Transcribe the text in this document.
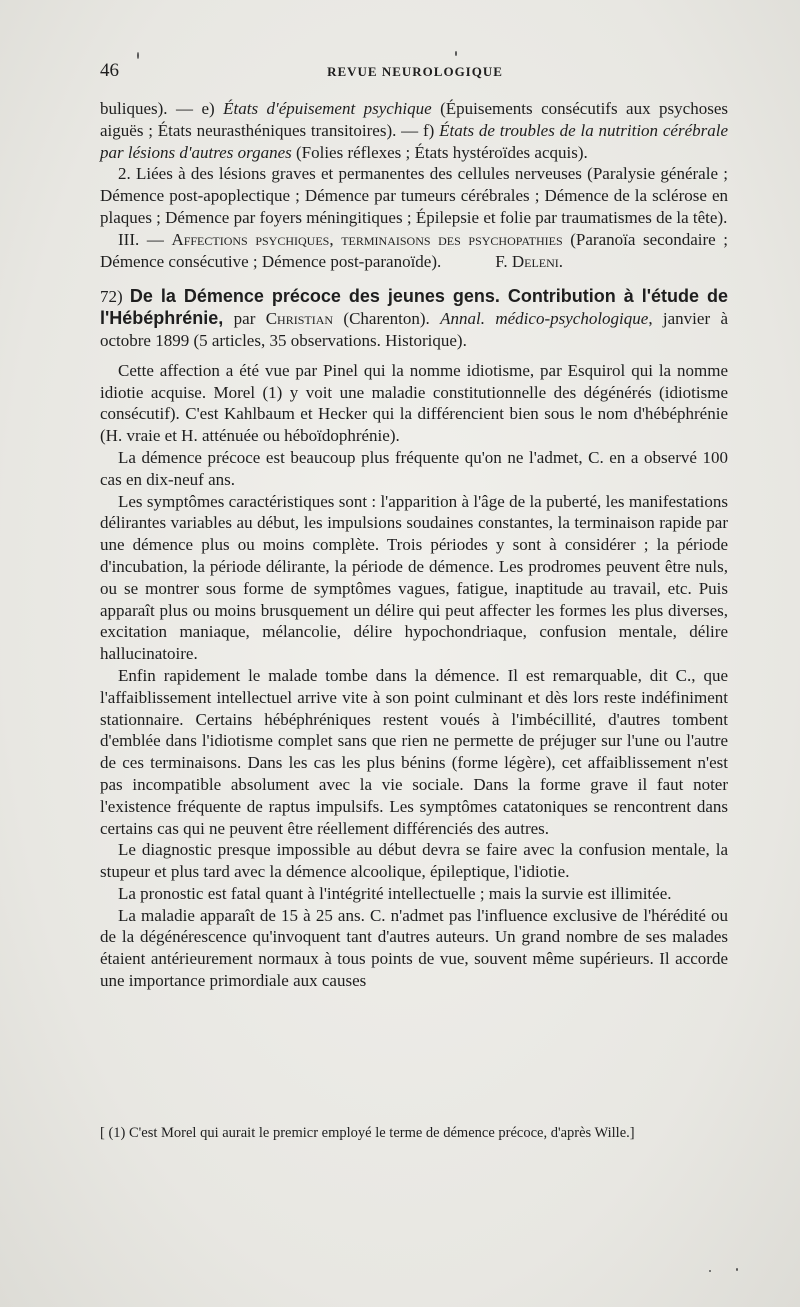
46	REVUE NEUROLOGIQUE

buliques). — e) États d'épuisement psychique (Épuisements consécutifs aux psychoses aiguës ; États neurasthéniques transitoires). — f) États de troubles de la nutrition cérébrale par lésions d'autres organes (Folies réflexes ; États hystéroïdes acquis).

2. Liées à des lésions graves et permanentes des cellules nerveuses (Paralysie générale ; Démence post-apoplectique ; Démence par tumeurs cérébrales ; Démence de la sclérose en plaques ; Démence par foyers méningitiques ; Épilepsie et folie par traumatismes de la tête).

III. — Affections psychiques, terminaisons des psychopathies (Paranoïa secondaire ; Démence consécutive ; Démence post-paranoïde).	F. Deleni.

72) De la Démence précoce des jeunes gens. Contribution à l'étude de l'Hébéphrénie, par Christian (Charenton). Annal. médico-psychologique, janvier à octobre 1899 (5 articles, 35 observations. Historique).

Cette affection a été vue par Pinel qui la nomme idiotisme, par Esquirol qui la nomme idiotie acquise. Morel (1) y voit une maladie constitutionnelle des dégénérés (idiotisme consécutif). C'est Kahlbaum et Hecker qui la différencient bien sous le nom d'hébéphrénie (H. vraie et H. atténuée ou héboïdophrénie).

La démence précoce est beaucoup plus fréquente qu'on ne l'admet, C. en a observé 100 cas en dix-neuf ans.

Les symptômes caractéristiques sont : l'apparition à l'âge de la puberté, les manifestations délirantes variables au début, les impulsions soudaines constantes, la terminaison rapide par une démence plus ou moins complète. Trois périodes y sont à considérer ; la période d'incubation, la période délirante, la période de démence. Les prodromes peuvent être nuls, ou se montrer sous forme de symptômes vagues, fatigue, inaptitude au travail, etc. Puis apparaît plus ou moins brusquement un délire qui peut affecter les formes les plus diverses, excitation maniaque, mélancolie, délire hypochondriaque, confusion mentale, délire hallucinatoire.

Enfin rapidement le malade tombe dans la démence. Il est remarquable, dit C., que l'affaiblissement intellectuel arrive vite à son point culminant et dès lors reste indéfiniment stationnaire. Certains hébéphréniques restent voués à l'imbécillité, d'autres tombent d'emblée dans l'idiotisme complet sans que rien ne permette de préjuger sur l'une ou l'autre de ces terminaisons. Dans les cas les plus bénins (forme légère), cet affaiblissement n'est pas incompatible absolument avec la vie sociale. Dans la forme grave il faut noter l'existence fréquente de raptus impulsifs. Les symptômes catatoniques se rencontrent dans certains cas qui ne peuvent être réellement différenciés des autres.

Le diagnostic presque impossible au début devra se faire avec la confusion mentale, la stupeur et plus tard avec la démence alcoolique, épileptique, l'idiotie.

La pronostic est fatal quant à l'intégrité intellectuelle ; mais la survie est illimitée.

La maladie apparaît de 15 à 25 ans. C. n'admet pas l'influence exclusive de l'hérédité ou de la dégénérescence qu'invoquent tant d'autres auteurs. Un grand nombre de ses malades étaient antérieurement normaux à tous points de vue, souvent même supérieurs. Il accorde une importance primordiale aux causes

[ (1) C'est Morel qui aurait le premicr employé le terme de démence précoce, d'après Wille.]
